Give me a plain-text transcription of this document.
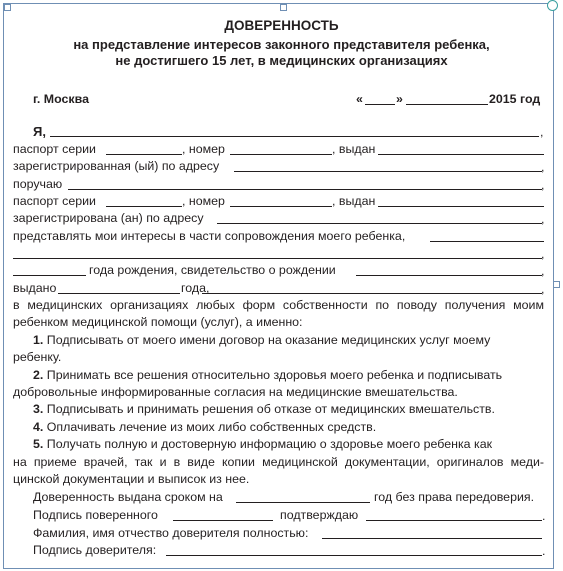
ДОВЕРЕННОСТЬ
на представление интересов законного представителя ребенка,
не достигшего 15 лет, в медицинских организациях
г. Москва	«	»	2015 год
Я,	,
паспорт серии	, номер	, выдан
зарегистрированная (ый) по адресу	,
поручаю	,
паспорт серии	, номер	, выдан
зарегистрирована (ан) по адресу	,
представлять мои интересы в части сопровождения моего ребенка,
,
года рождения, свидетельство о рождении	,
выдано	года,	,
в медицинских организациях любых форм собственности по поводу получения моим
ребенком медицинской помощи (услуг), а именно:
1. Подписывать от моего имени договор на оказание медицинских услуг моему
ребенку.
2. Принимать все решения относительно здоровья моего ребенка и подписывать
добровольные информированные согласия на медицинские вмешательства.
3. Подписывать и принимать решения об отказе от медицинских вмешательств.
4. Оплачивать лечение из моих либо собственных средств.
5. Получать полную и достоверную информацию о здоровье моего ребенка как
на приеме врачей, так и в виде копии медицинской документации, оригиналов меди-
цинской документации и выписок из нее.
Доверенность выдана сроком на	год без права передоверия.
Подпись поверенного	подтверждаю	.
Фамилия, имя отчество доверителя полностью:
Подпись доверителя:	.
